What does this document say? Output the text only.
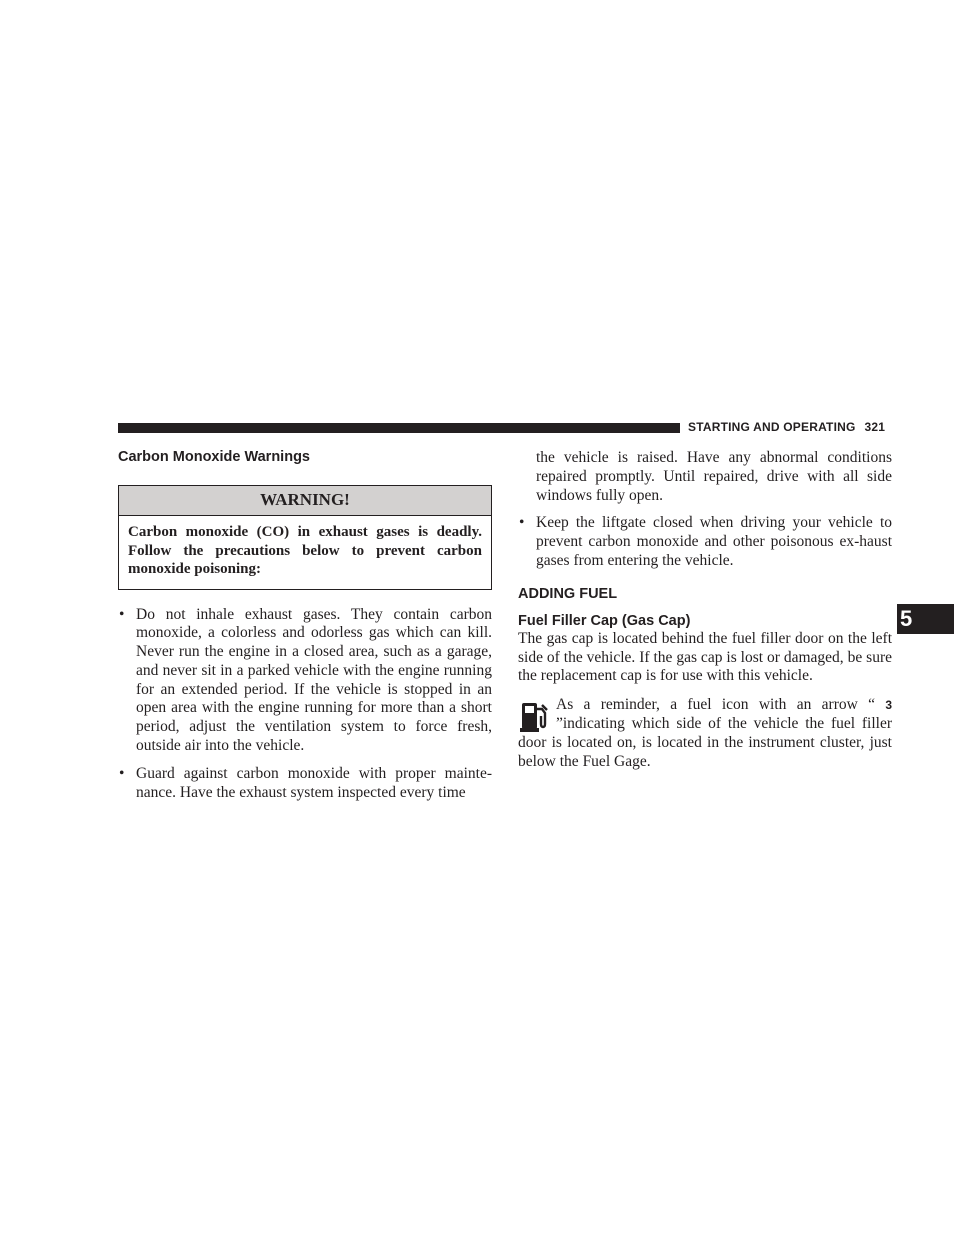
STARTING AND OPERATING 321
5
Carbon Monoxide Warnings
WARNING!
Carbon monoxide (CO) in exhaust gases is deadly. Follow the precautions below to prevent carbon monoxide poisoning:
• Do not inhale exhaust gases. They contain carbon monoxide, a colorless and odorless gas which can kill. Never run the engine in a closed area, such as a garage, and never sit in a parked vehicle with the engine running for an extended period. If the vehicle is stopped in an open area with the engine running for more than a short period, adjust the ventilation system to force fresh, outside air into the vehicle.
• Guard against carbon monoxide with proper mainte-nance. Have the exhaust system inspected every time
the vehicle is raised. Have any abnormal conditions repaired promptly. Until repaired, drive with all side windows fully open.
• Keep the liftgate closed when driving your vehicle to prevent carbon monoxide and other poisonous ex-haust gases from entering the vehicle.
ADDING FUEL
Fuel Filler Cap (Gas Cap)

The gas cap is located behind the fuel filler door on the left side of the vehicle. If the gas cap is lost or damaged, be sure the replacement cap is for use with this vehicle.

As a reminder, a fuel icon with an arrow “ 3 ”indicating which side of the vehicle the fuel filler door is located on, is located in the instrument cluster, just below the Fuel Gage.
